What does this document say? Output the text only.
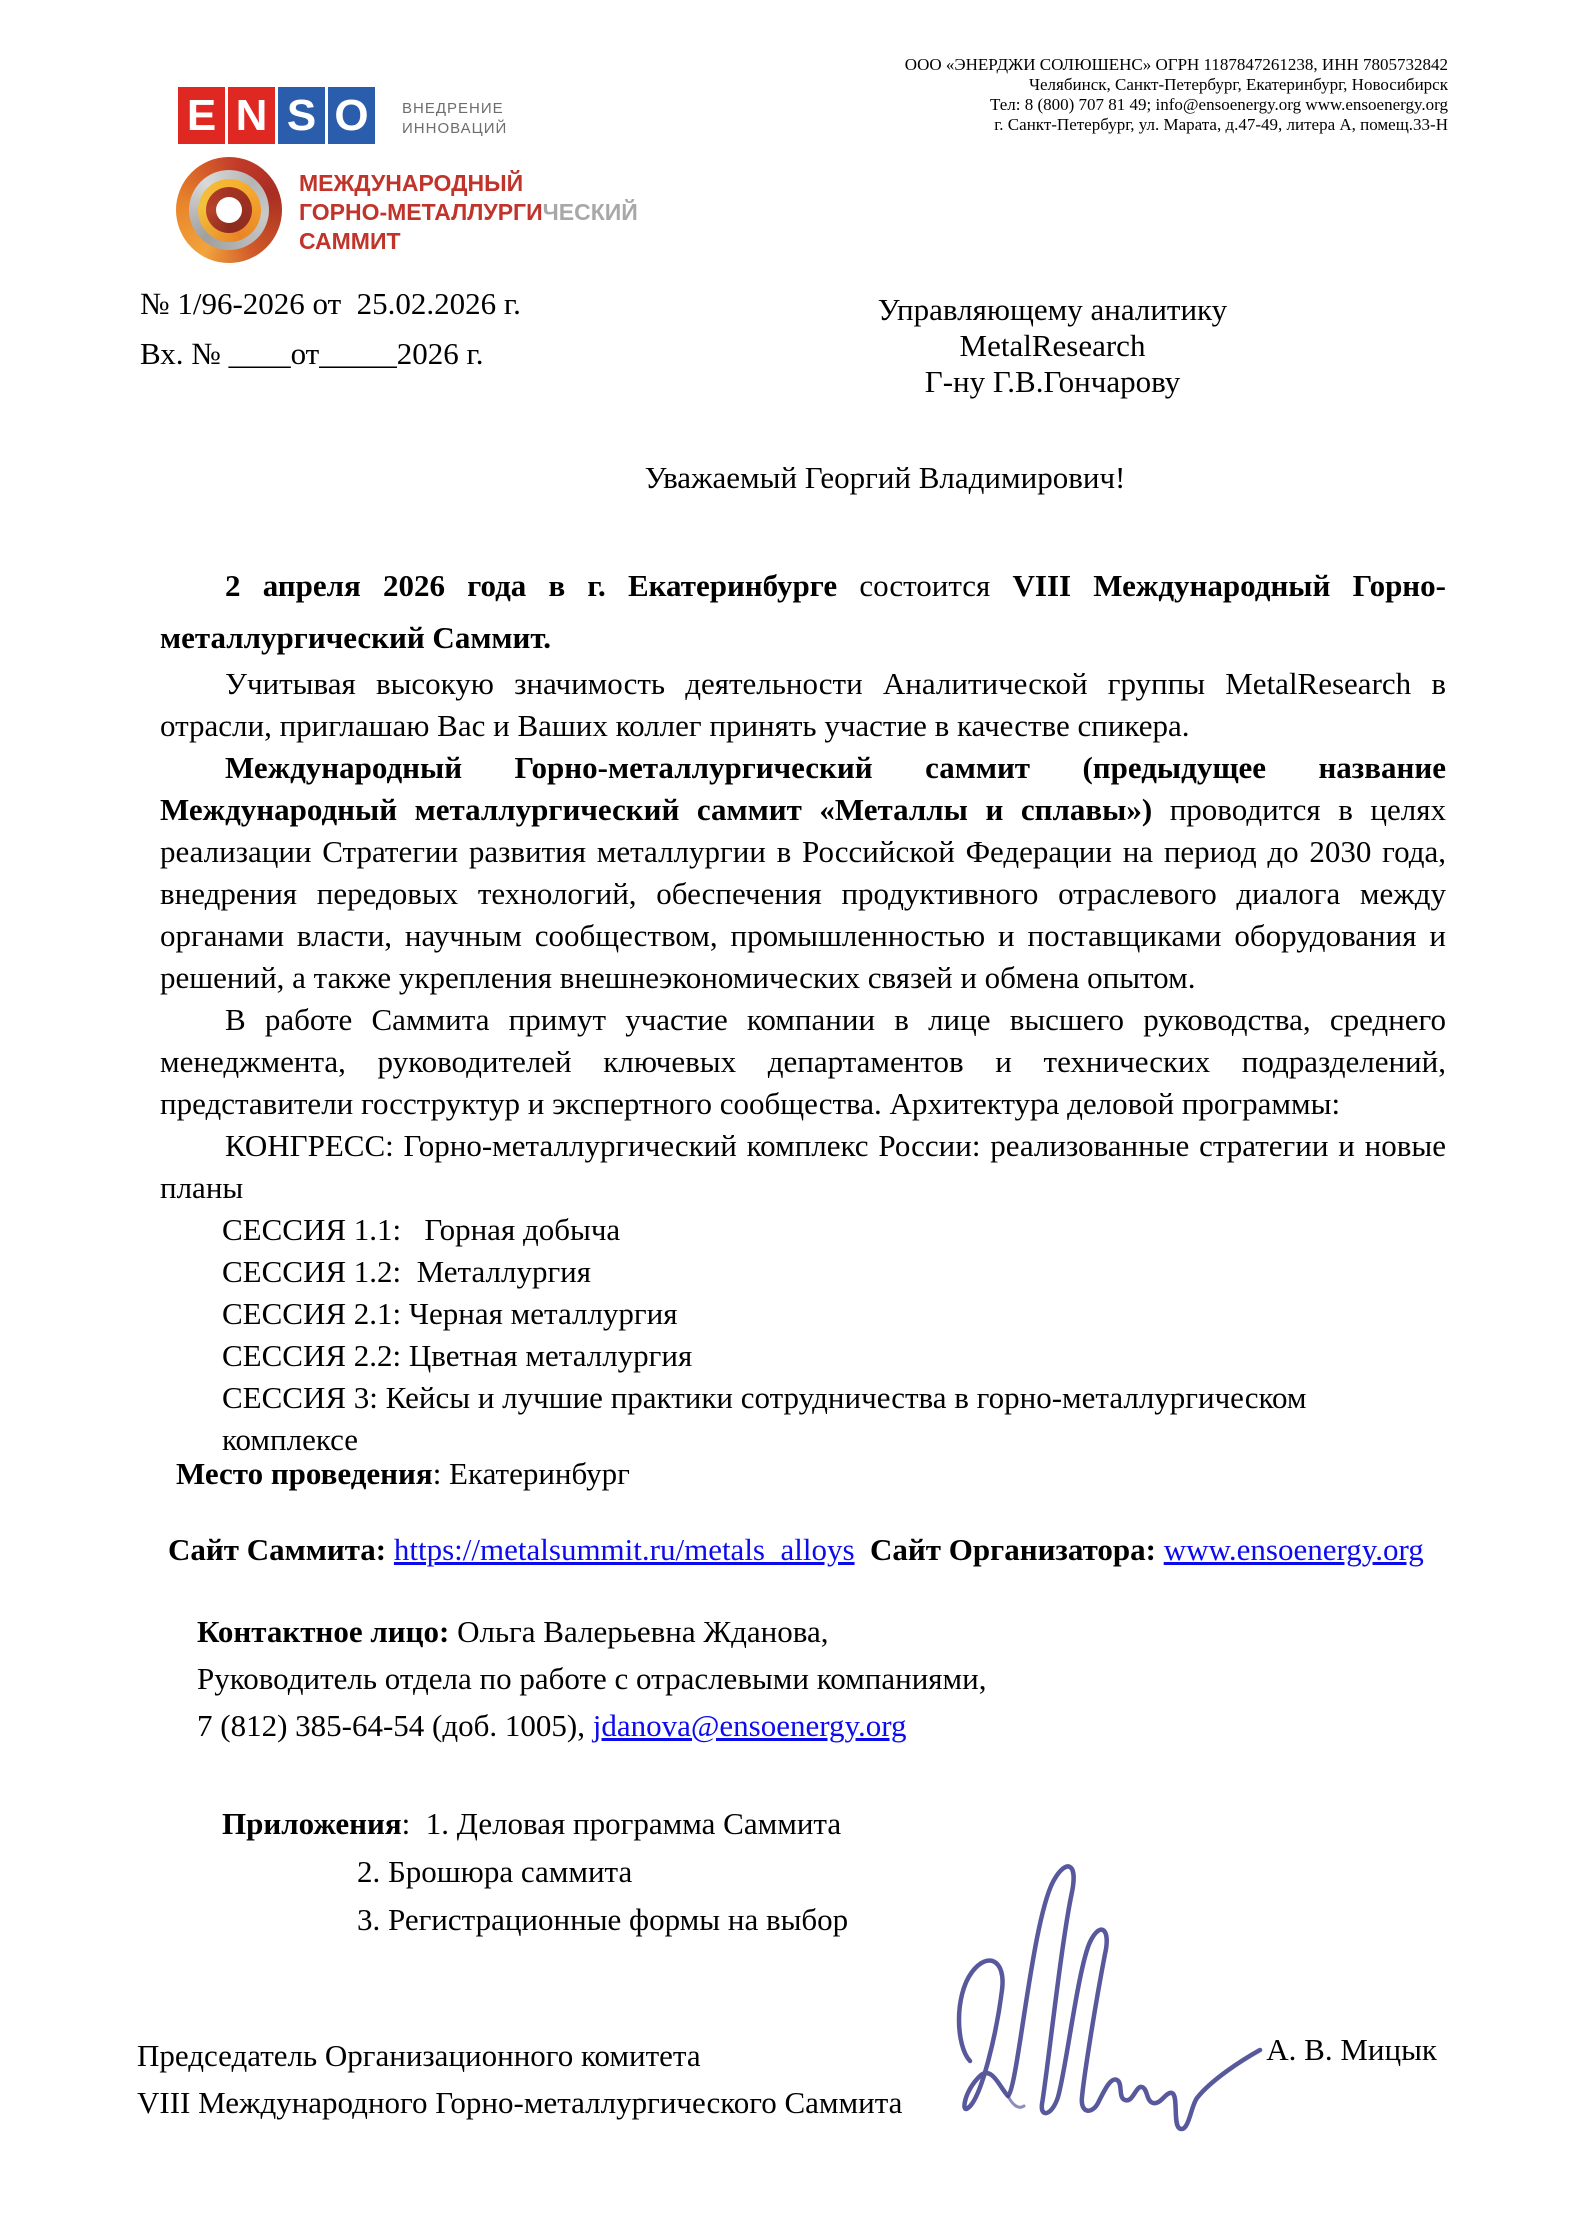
E N S O	ВНЕДРЕНИЕ
ИННОВАЦИЙ
МЕЖДУНАРОДНЫЙ
ГОРНО-МЕТАЛЛУРГИЧЕСКИЙ
САММИТ
ООО «ЭНЕРДЖИ СОЛЮШЕНС» ОГРН 1187847261238, ИНН 7805732842
Челябинск, Санкт-Петербург, Екатеринбург, Новосибирск
Тел: 8 (800) 707 81 49; info@ensoenergy.org www.ensoenergy.org
г. Санкт-Петербург, ул. Марата, д.47-49, литера А, помещ.33-Н
№ 1/96-2026 от  25.02.2026 г.
Вх. № ____от_____2026 г.
Управляющему аналитику
MetalResearch
Г-ну Г.В.Гончарову
Уважаемый Георгий Владимирович!

2 апреля 2026 года в г. Екатеринбурге состоится VIII Международный Горно-металлургический Саммит.

Учитывая высокую значимость деятельности Аналитической группы MetalResearch в отрасли, приглашаю Вас и Ваших коллег принять участие в качестве спикера.

Международный Горно-металлургический саммит (предыдущее название Международный металлургический саммит «Металлы и сплавы») проводится в целях реализации Стратегии развития металлургии в Российской Федерации на период до 2030 года, внедрения передовых технологий, обеспечения продуктивного отраслевого диалога между органами власти, научным сообществом, промышленностью и поставщиками оборудования и решений, а также укрепления внешнеэкономических связей и обмена опытом.

В работе Саммита примут участие компании в лице высшего руководства, среднего менеджмента, руководителей ключевых департаментов и технических подразделений, представители госструктур и экспертного сообщества. Архитектура деловой программы:

КОНГРЕСС: Горно-металлургический комплекс России: реализованные стратегии и новые планы

СЕССИЯ 1.1:   Горная добыча

СЕССИЯ 1.2:  Металлургия

СЕССИЯ 2.1: Черная металлургия

СЕССИЯ 2.2: Цветная металлургия

СЕССИЯ 3: Кейсы и лучшие практики сотрудничества в горно-металлургическом комплексе

Место проведения: Екатеринбург
Сайт Саммита: https://metalsummit.ru/metals_alloys Сайт Организатора: www.ensoenergy.org
Контактное лицо: Ольга Валерьевна Жданова,
Руководитель отдела по работе с отраслевыми компаниями,
7 (812) 385-64-54 (доб. 1005), jdanova@ensoenergy.org
Приложения:  1. Деловая программа Саммита
2. Брошюра саммита
3. Регистрационные формы на выбор
Председатель Организационного комитета
VIII Международного Горно-металлургического Саммита
А. В. Мицык
